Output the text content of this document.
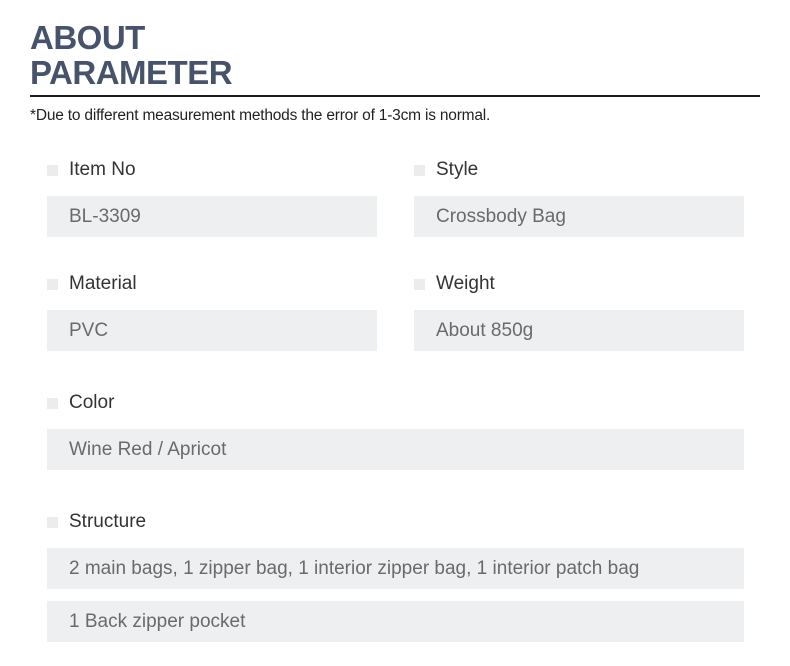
ABOUT
PARAMETER
*Due to different measurement methods the error of 1-3cm is normal.
Item No
BL-3309
Style
Crossbody Bag
Material
PVC
Weight
About 850g
Color
Wine Red / Apricot
Structure
2 main bags, 1 zipper bag, 1 interior zipper bag, 1 interior patch bag
1 Back zipper pocket
